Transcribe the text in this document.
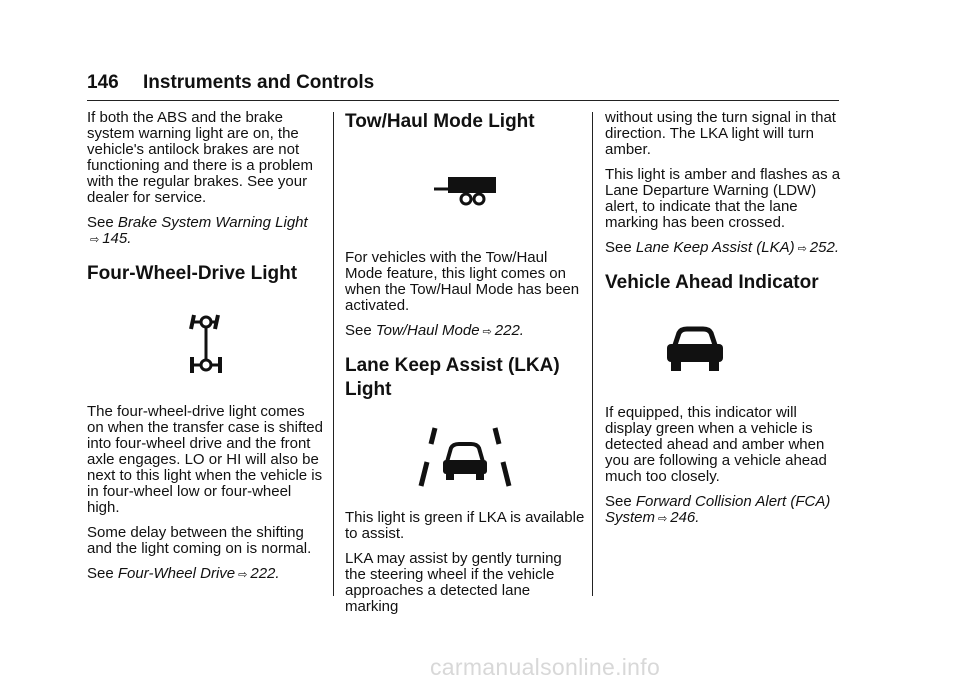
146 Instruments and Controls

If both the ABS and the brake system warning light are on, the vehicle's antilock brakes are not functioning and there is a problem with the regular brakes. See your dealer for service.

See Brake System Warning Light
⇨ 145.

Four-Wheel-Drive Light

The four-wheel-drive light comes on when the transfer case is shifted into four-wheel drive and the front axle engages. LO or HI will also be next to this light when the vehicle is in four-wheel low or four-wheel high.

Some delay between the shifting and the light coming on is normal.

See Four-Wheel Drive ⇨ 222.

Tow/Haul Mode Light

For vehicles with the Tow/Haul Mode feature, this light comes on when the Tow/Haul Mode has been activated.

See Tow/Haul Mode ⇨ 222.

Lane Keep Assist (LKA) Light

This light is green if LKA is available to assist.

LKA may assist by gently turning the steering wheel if the vehicle approaches a detected lane marking

without using the turn signal in that direction. The LKA light will turn amber.

This light is amber and flashes as a Lane Departure Warning (LDW) alert, to indicate that the lane marking has been crossed.

See Lane Keep Assist (LKA) ⇨ 252.

Vehicle Ahead Indicator

If equipped, this indicator will display green when a vehicle is detected ahead and amber when you are following a vehicle ahead much too closely.

See Forward Collision Alert (FCA) System ⇨ 246.

carmanualsonline.info
